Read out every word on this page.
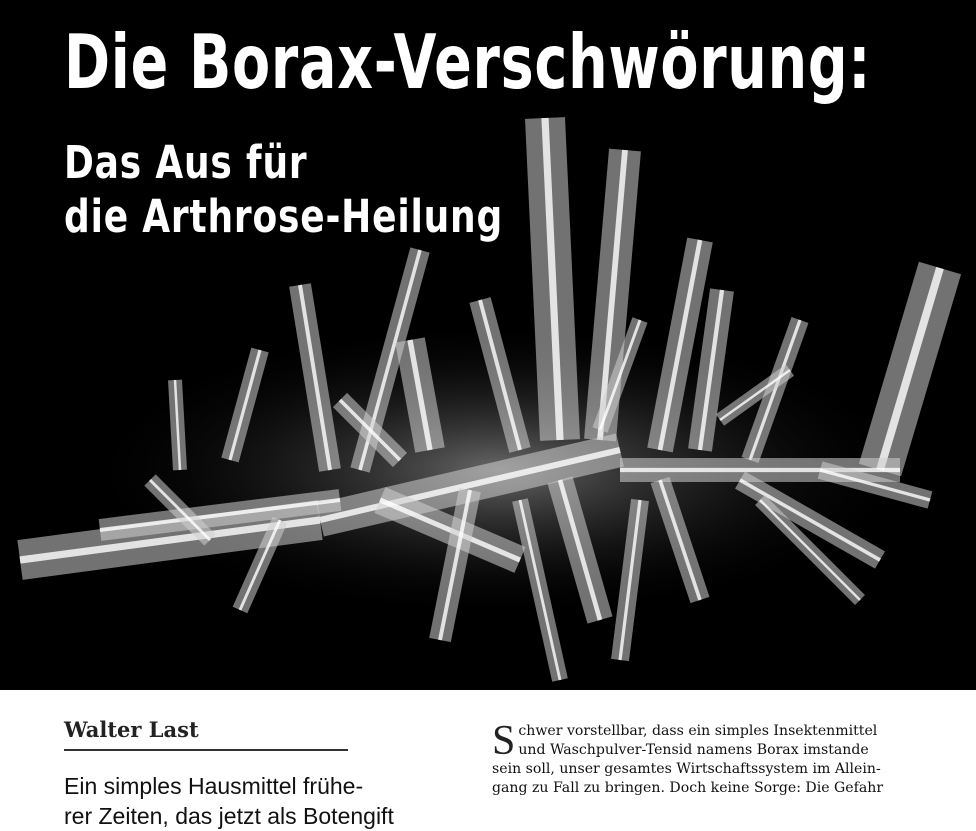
Die Borax-Verschwörung:
Das Aus für
die Arthrose-Heilung
Walter Last
Ein simples Hausmittel frühe-
rer Zeiten, das jetzt als Botengift
S chwer vorstellbar, dass ein simples Insektenmittel
und Waschpulver-Tensid namens Borax imstande
sein soll, unser gesamtes Wirtschaftssystem im Allein-
gang zu Fall zu bringen. Doch keine Sorge: Die Gefahr
